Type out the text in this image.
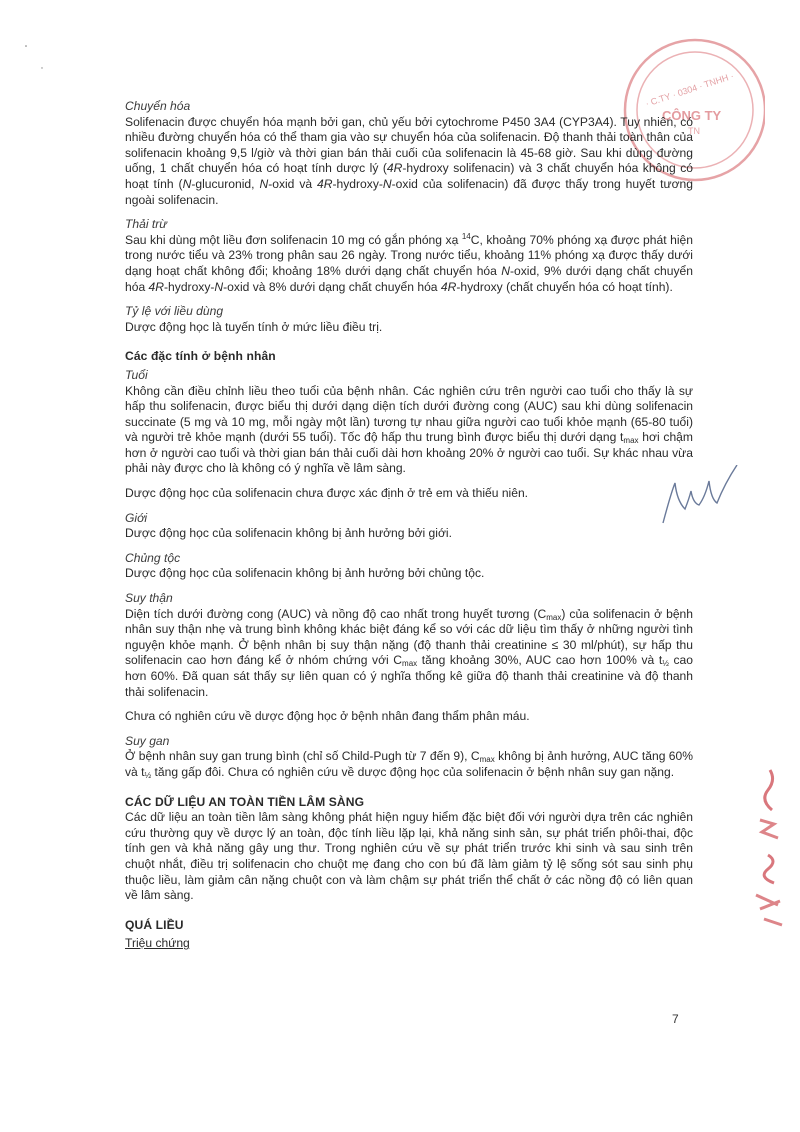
· C.TY · 0304 · TNHH ·
CÔNG TY
TN

Chuyển hóa

Solifenacin được chuyển hóa mạnh bởi gan, chủ yếu bởi cytochrome P450 3A4 (CYP3A4). Tuy nhiên, có nhiều đường chuyển hóa có thể tham gia vào sự chuyển hóa của solifenacin. Độ thanh thải toàn thân của solifenacin khoảng 9,5 l/giờ và thời gian bán thải cuối của solifenacin là 45-68 giờ. Sau khi dùng đường uống, 1 chất chuyển hóa có hoạt tính dược lý (4R-hydroxy solifenacin) và 3 chất chuyển hóa không có hoạt tính (N-glucuronid, N-oxid và 4R-hydroxy-N-oxid của solifenacin) đã được thấy trong huyết tương ngoài solifenacin.

Thải trừ

Sau khi dùng một liều đơn solifenacin 10 mg có gắn phóng xạ $^{14}$C, khoảng 70% phóng xạ được phát hiện trong nước tiểu và 23% trong phân sau 26 ngày. Trong nước tiểu, khoảng 11% phóng xạ được thấy dưới dạng hoạt chất không đổi; khoảng 18% dưới dạng chất chuyển hóa N-oxid, 9% dưới dạng chất chuyển hóa 4R-hydroxy-N-oxid và 8% dưới dạng chất chuyển hóa 4R-hydroxy (chất chuyển hóa có hoạt tính).

Tỷ lệ với liều dùng

Dược động học là tuyến tính ở mức liều điều trị.

Các đặc tính ở bệnh nhân

Tuổi

Không cần điều chỉnh liều theo tuổi của bệnh nhân. Các nghiên cứu trên người cao tuổi cho thấy là sự hấp thu solifenacin, được biểu thị dưới dạng diện tích dưới đường cong (AUC) sau khi dùng solifenacin succinate (5 mg và 10 mg, mỗi ngày một lần) tương tự nhau giữa người cao tuổi khỏe mạnh (65-80 tuổi) và người trẻ khỏe mạnh (dưới 55 tuổi). Tốc độ hấp thu trung bình được biểu thị dưới dạng $t_{max}$ hơi chậm hơn ở người cao tuổi và thời gian bán thải cuối dài hơn khoảng 20% ở người cao tuổi. Sự khác nhau vừa phải này được cho là không có ý nghĩa về lâm sàng.

Dược động học của solifenacin chưa được xác định ở trẻ em và thiếu niên.

Giới

Dược động học của solifenacin không bị ảnh hưởng bởi giới.

Chủng tộc

Dược động học của solifenacin không bị ảnh hưởng bởi chủng tộc.

Suy thận

Diện tích dưới đường cong (AUC) và nồng độ cao nhất trong huyết tương $(C_{max})$ của solifenacin ở bệnh nhân suy thận nhẹ và trung bình không khác biệt đáng kể so với các dữ liệu tìm thấy ở những người tình nguyện khỏe mạnh. Ở bệnh nhân bị suy thận nặng (độ thanh thải creatinine ≤ 30 ml/phút), sự hấp thu solifenacin cao hơn đáng kể ở nhóm chứng với $C_{max}$ tăng khoảng 30%, AUC cao hơn 100% và $t_{\frac{1}{2}}$ cao hơn 60%. Đã quan sát thấy sự liên quan có ý nghĩa thống kê giữa độ thanh thải creatinine và độ thanh thải solifenacin.

Chưa có nghiên cứu về dược động học ở bệnh nhân đang thẩm phân máu.

Suy gan

Ở bệnh nhân suy gan trung bình (chỉ số Child-Pugh từ 7 đến 9), $C_{max}$ không bị ảnh hưởng, AUC tăng 60% và $t_{\frac{1}{2}}$ tăng gấp đôi. Chưa có nghiên cứu về dược động học của solifenacin ở bệnh nhân suy gan nặng.

CÁC DỮ LIỆU AN TOÀN TIỀN LÂM SÀNG

Các dữ liệu an toàn tiền lâm sàng không phát hiện nguy hiểm đặc biệt đối với người dựa trên các nghiên cứu thường quy về dược lý an toàn, độc tính liều lặp lại, khả năng sinh sản, sự phát triển phôi-thai, độc tính gen và khả năng gây ung thư. Trong nghiên cứu về sự phát triển trước khi sinh và sau sinh trên chuột nhắt, điều trị solifenacin cho chuột mẹ đang cho con bú đã làm giảm tỷ lệ sống sót sau sinh phụ thuộc liều, làm giảm cân nặng chuột con và làm chậm sự phát triển thể chất ở các nồng độ có liên quan về lâm sàng.

QUÁ LIỀU

Triệu chứng

7
